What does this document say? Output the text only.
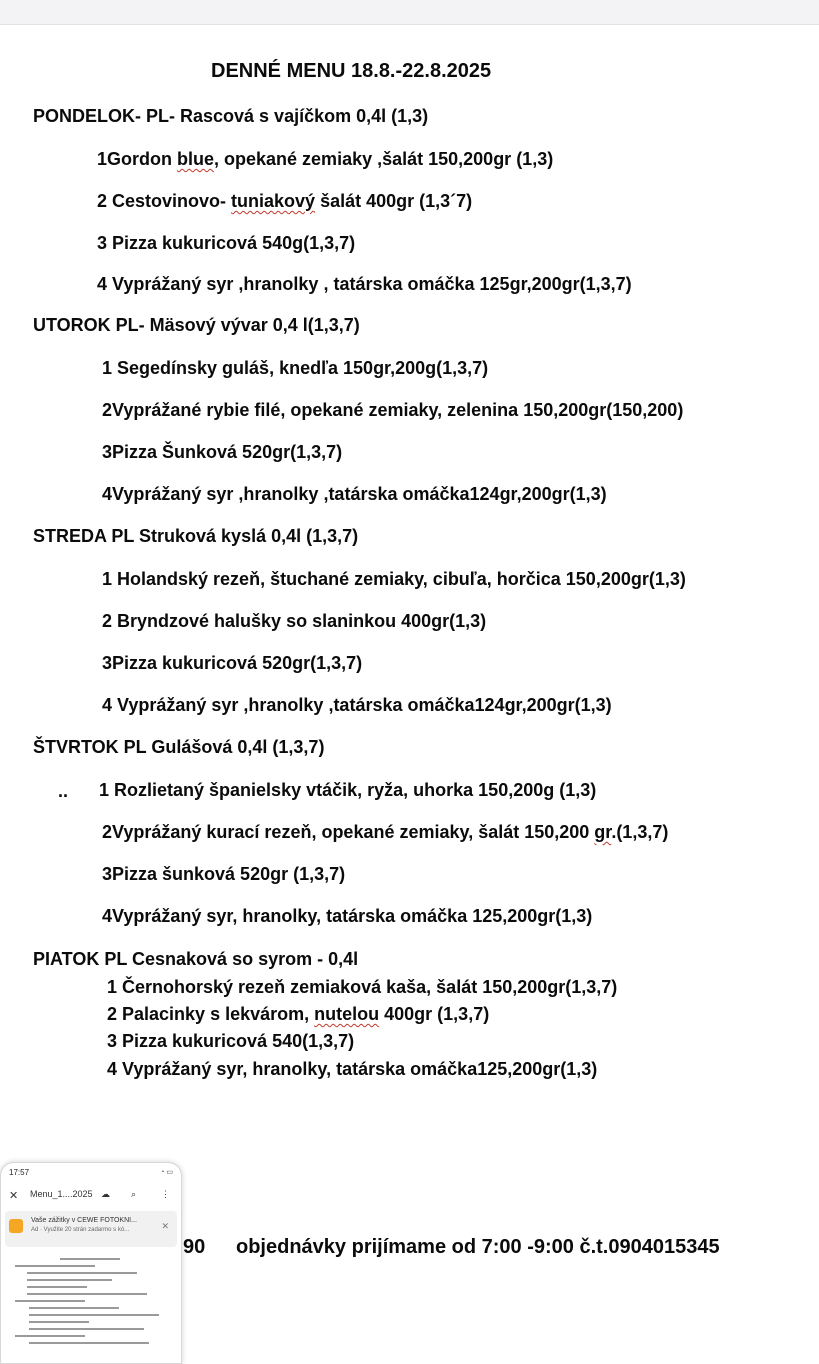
DENNÉ MENU 18.8.-22.8.2025
PONDELOK- PL- Rascová s vajíčkom 0,4l (1,3)
1Gordon blue, opekané zemiaky ,šalát 150,200gr (1,3)
2 Cestovinovo- tuniakový šalát 400gr (1,3´7)
3 Pizza kukuricová 540g(1,3,7)
4 Vyprážaný syr ,hranolky , tatárska omáčka 125gr,200gr(1,3,7)
UTOROK PL- Mäsový vývar 0,4 l(1,3,7)
1 Segedínsky guláš, knedľa 150gr,200g(1,3,7)
2Vyprážané rybie filé, opekané zemiaky, zelenina 150,200gr(150,200)
3Pizza Šunková 520gr(1,3,7)
4Vyprážaný syr ,hranolky ,tatárska omáčka124gr,200gr(1,3)
STREDA PL Struková kyslá 0,4l (1,3,7)
1 Holandský rezeň, štuchané zemiaky, cibuľa, horčica 150,200gr(1,3)
2 Bryndzové halušky so slaninkou 400gr(1,3)
3Pizza kukuricová 520gr(1,3,7)
4 Vyprážaný syr ,hranolky ,tatárska omáčka124gr,200gr(1,3)
ŠTVRTOK PL Gulášová 0,4l (1,3,7)
.. 1 Rozlietaný španielsky vtáčik, ryža, uhorka 150,200g (1,3)
2Vyprážaný kurací rezeň, opekané zemiaky, šalát 150,200 gr.(1,3,7)
3Pizza šunková 520gr (1,3,7)
4Vyprážaný syr, hranolky, tatárska omáčka 125,200gr(1,3)
PIATOK PL Cesnaková so syrom - 0,4l
1 Černohorský rezeň zemiaková kaša, šalát 150,200gr(1,3,7)
2 Palacinky s lekvárom, nutelou 400gr (1,3,7)
3 Pizza kukuricová 540(1,3,7)
4 Vyprážaný syr, hranolky, tatárska omáčka125,200gr(1,3)
90 objednávky prijímame od 7:00 -9:00 č.t.0904015345
17:57	◔ ▭
✕ Menu_1....2025 ☁ ⌕	⋮
Vaše zážitky v CEWE FOTOKNI...
Ad · Využite 20 strán zadarmo s kó...	✕
